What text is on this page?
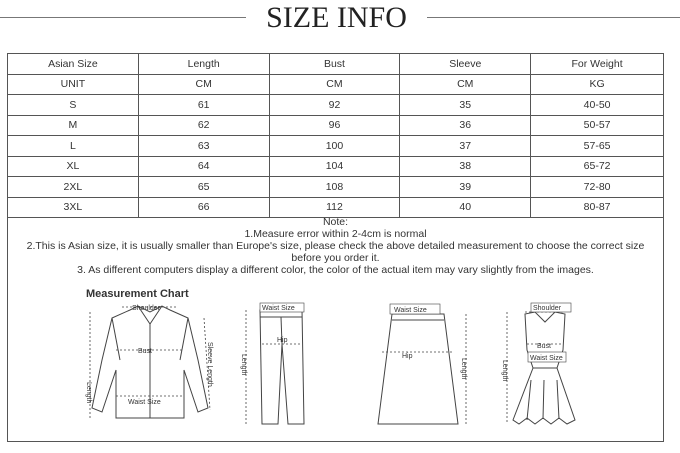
SIZE INFO
Asian Size	Length	Bust	Sleeve	For Weight
UNIT	CM	CM	CM	KG
S	61	92	35	40-50
M	62	96	36	50-57
L	63	100	37	57-65
XL	64	104	38	65-72
2XL	65	108	39	72-80
3XL	66	112	40	80-87
Note:
1.Measure error within 2-4cm is normal
2.This is Asian size, it is usually smaller than Europe's size, please check the above detailed measurement to choose the correct size
before you order it.
3. As different computers display a different color, the color of the actual item may vary slightly from the images.
Measurement Chart
Shoulder
Bust
Waist Size
Length
Sleeve Length
Waist Size
Hip
Length
Waist Size
Hip
Length
Shoulder
Bust
Waist Size
Length
